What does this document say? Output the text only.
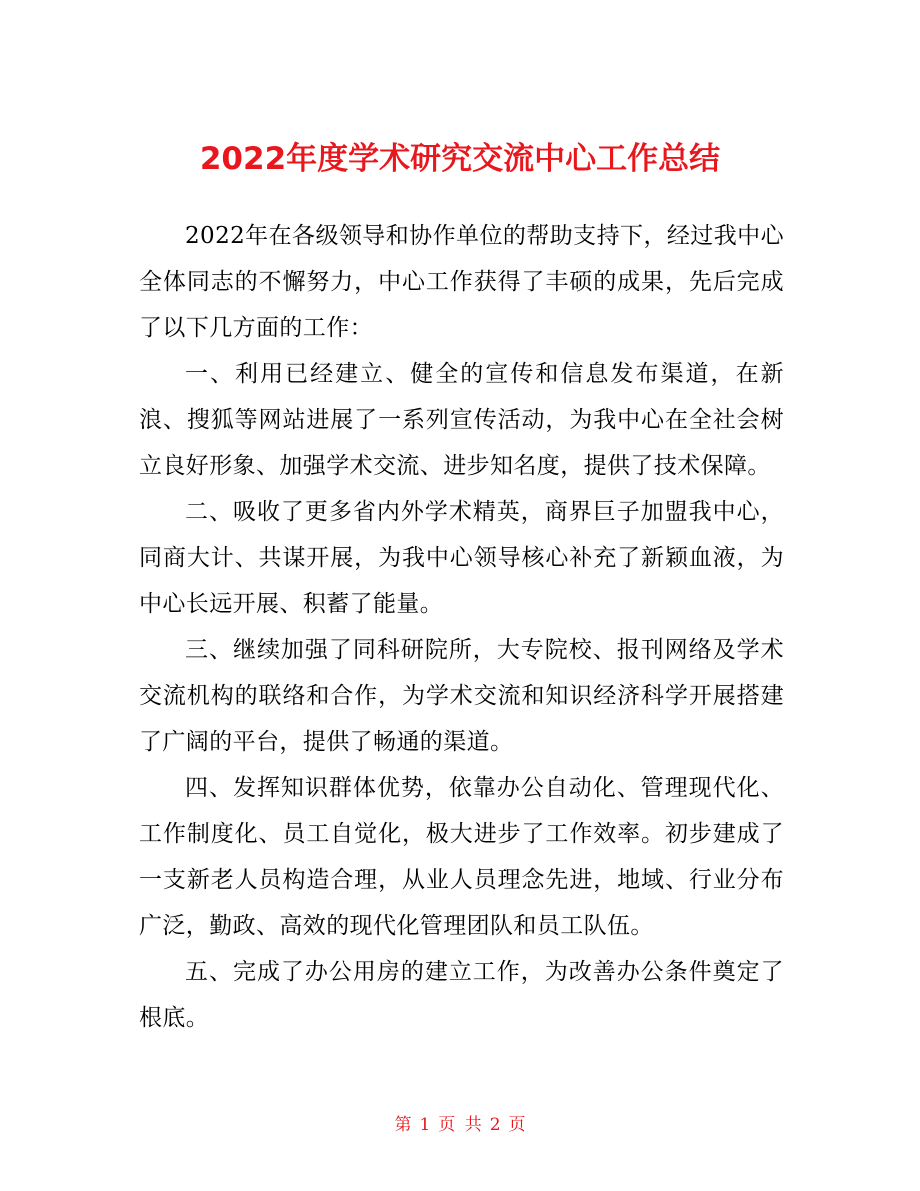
2022年度学术研究交流中心工作总结

2022年在各级领导和协作单位的帮助支持下，经过我中心全体同志的不懈努力，中心工作获得了丰硕的成果，先后完成了以下几方面的工作：

一、利用已经建立、健全的宣传和信息发布渠道，在新浪、搜狐等网站进展了一系列宣传活动，为我中心在全社会树立良好形象、加强学术交流、进步知名度，提供了技术保障。

二、吸收了更多省内外学术精英，商界巨子加盟我中心，同商大计、共谋开展，为我中心领导核心补充了新颖血液，为中心长远开展、积蓄了能量。

三、继续加强了同科研院所，大专院校、报刊网络及学术交流机构的联络和合作，为学术交流和知识经济科学开展搭建了广阔的平台，提供了畅通的渠道。

四、发挥知识群体优势，依靠办公自动化、管理现代化、工作制度化、员工自觉化，极大进步了工作效率。初步建成了一支新老人员构造合理，从业人员理念先进，地域、行业分布广泛，勤政、高效的现代化管理团队和员工队伍。

五、完成了办公用房的建立工作，为改善办公条件奠定了根底。

第 1 页 共 2 页
